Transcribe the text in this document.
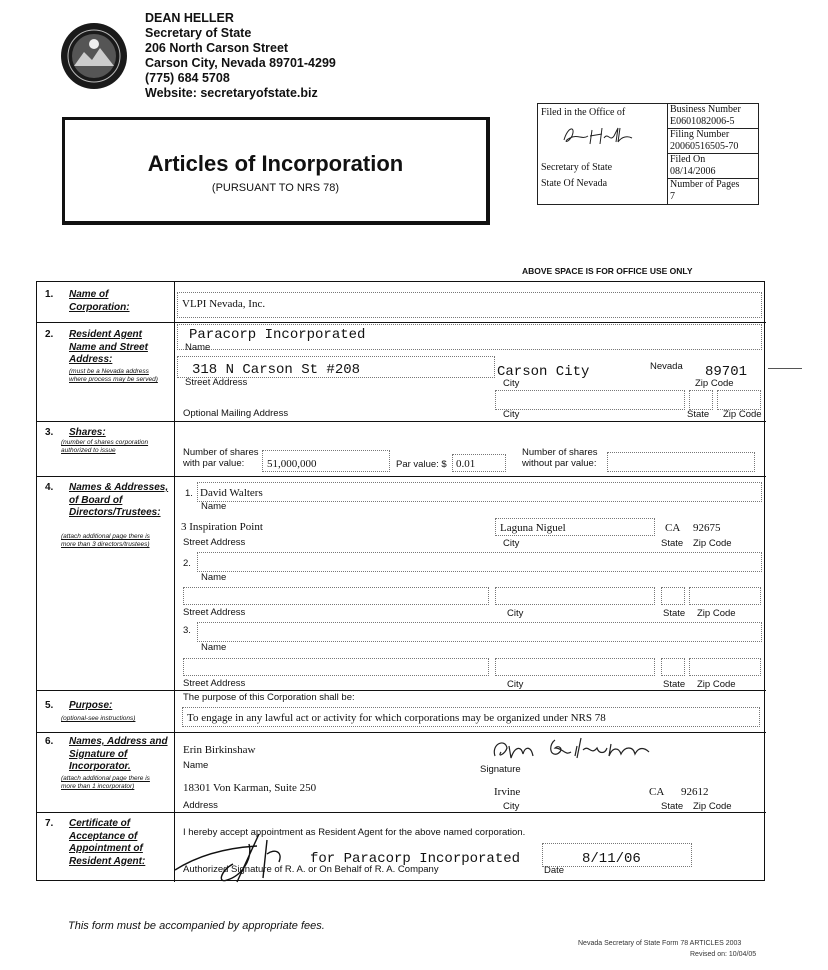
DEAN HELLER
Secretary of State
206 North Carson Street
Carson City, Nevada 89701-4299
(775) 684 5708
Website: secretaryofstate.biz
Articles of Incorporation
(PURSUANT TO NRS 78)
Filed in the Office of
Secretary of State
State Of Nevada
Business Number
E0601082006-5
Filing Number
20060516505-70
Filed On
08/14/2006
Number of Pages
7
ABOVE SPACE IS FOR OFFICE USE ONLY
1.	Name of Corporation:	VLPI Nevada, Inc.
2.	Resident Agent Name and Street Address:
(must be a Nevada address where process may be served)
Paracorp Incorporated
Name
318 N Carson St #208
Street Address
Carson City
City
Nevada 89701
Zip Code
Optional Mailing Address	City	State Zip Code
3.	Shares:
(number of shares corporation authorized to issue	Number of shares with par value:	51,000,000	Par value: $ 0.01
Number of shares without par value:
4.	Names & Addresses, of Board of Directors/Trustees:
(attach additional page there is more than 3 directors/trustees)
1. David Walters
Name
3 Inspiration Point	Laguna Niguel	CA 92675
Street Address	City	State Zip Code
2.
Name
Street Address	City	State Zip Code
3.
Name
Street Address	City	State Zip Code
5.	Purpose:
(optional-see instructions)
The purpose of this Corporation shall be:
To engage in any lawful act or activity for which corporations may be organized under NRS 78
6.	Names, Address and Signature of Incorporator.
(attach additional page there is more than 1 incorporator)
Erin Birkinshaw
Name
Erin Birkinshaw
Signature
18301 Von Karman, Suite 250	Irvine	CA 92612
Address	City	State Zip Code
7.	Certificate of Acceptance of Appointment of Resident Agent:
I hereby accept appointment as Resident Agent for the above named corporation.
Authorized Signature of R. A. or On Behalf of R. A. Company
for Paracorp Incorporated	8/11/06
Date
This form must be accompanied by appropriate fees.
Nevada Secretary of State Form 78 ARTICLES 2003
Revised on: 10/04/05
